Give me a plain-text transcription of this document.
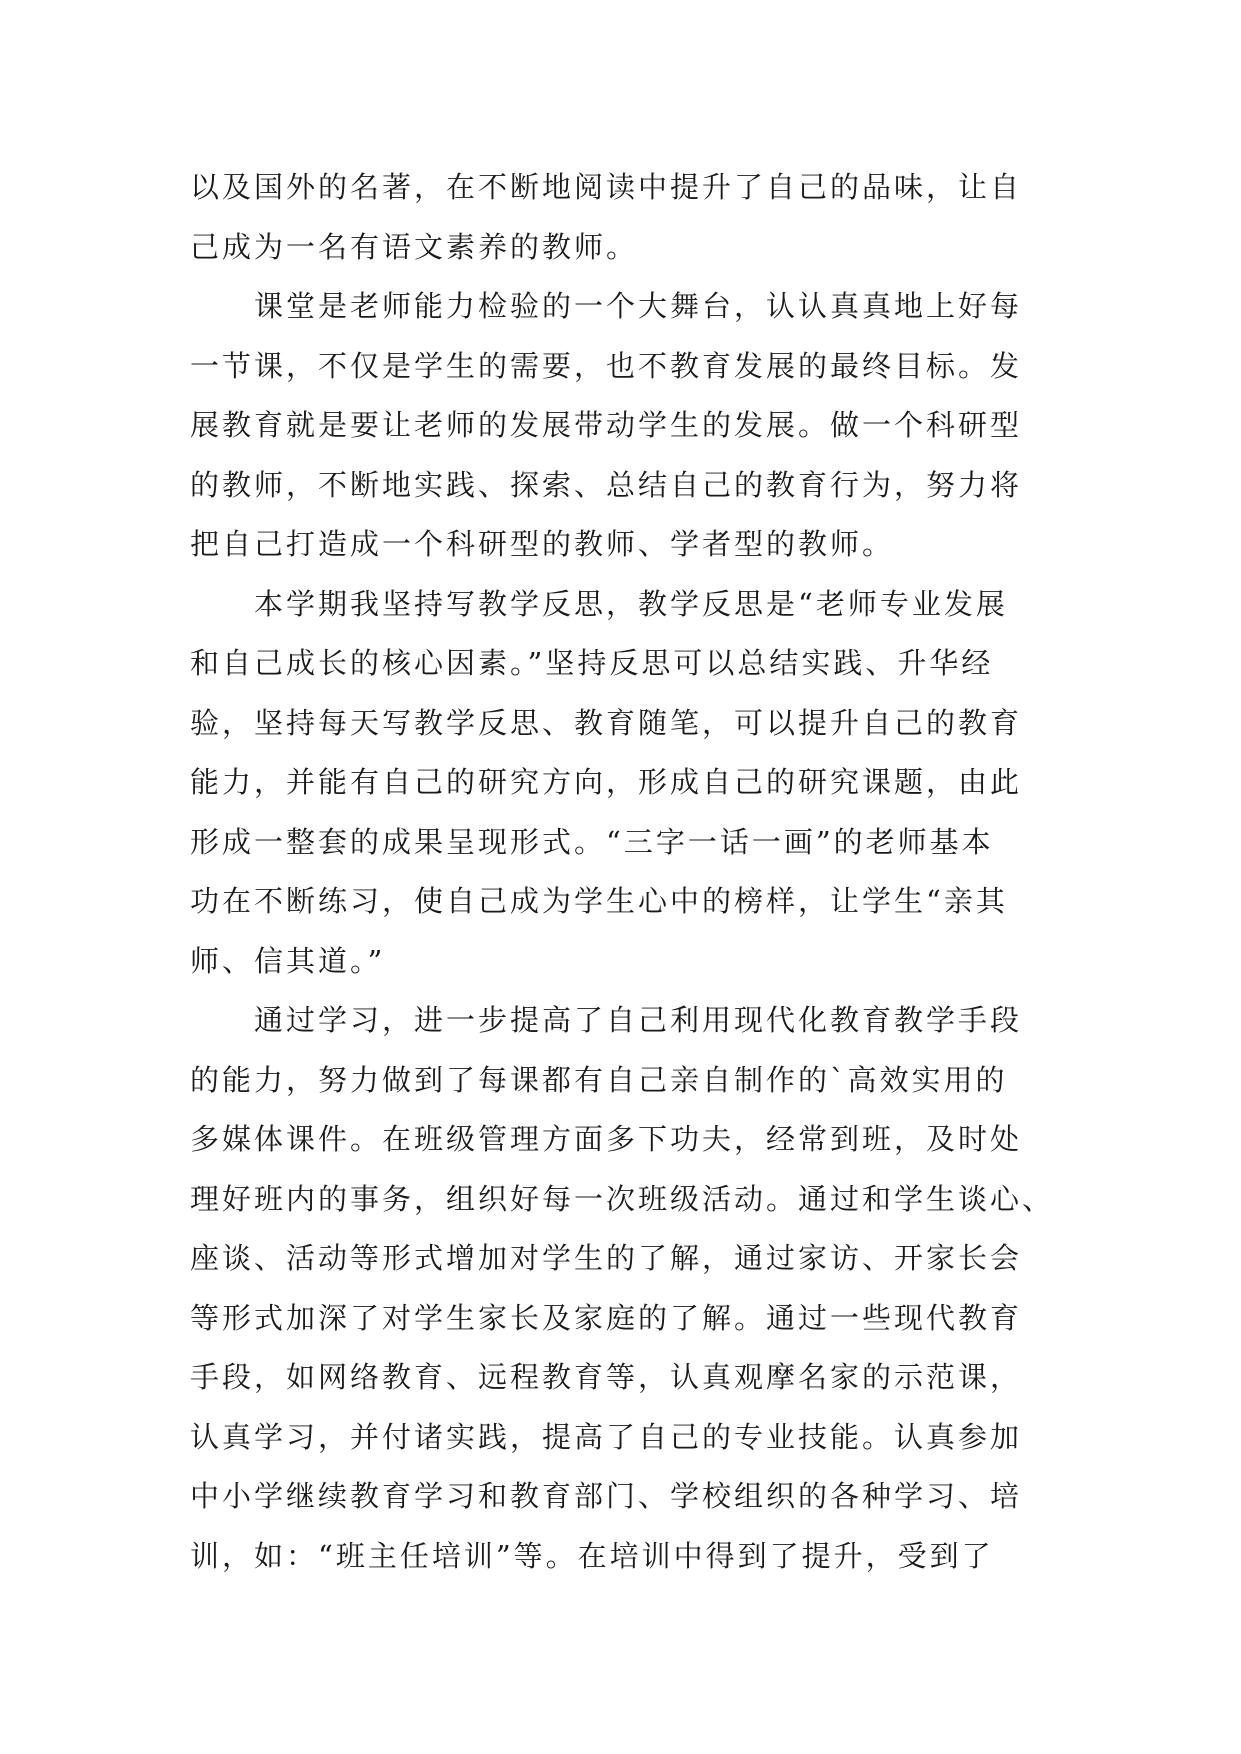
以及国外的名著，在不断地阅读中提升了自己的品味，让自
己成为一名有语文素养的教师。
课堂是老师能力检验的一个大舞台，认认真真地上好每
一节课，不仅是学生的需要，也不教育发展的最终目标。发
展教育就是要让老师的发展带动学生的发展。做一个科研型
的教师，不断地实践、探索、总结自己的教育行为，努力将
把自己打造成一个科研型的教师、学者型的教师。
本学期我坚持写教学反思，教学反思是“老师专业发展
和自己成长的核心因素。”坚持反思可以总结实践、升华经
验，坚持每天写教学反思、教育随笔，可以提升自己的教育
能力，并能有自己的研究方向，形成自己的研究课题，由此
形成一整套的成果呈现形式。“三字一话一画”的老师基本
功在不断练习，使自己成为学生心中的榜样，让学生“亲其
师、信其道。”
通过学习，进一步提高了自己利用现代化教育教学手段
的能力，努力做到了每课都有自己亲自制作的`高效实用的
多媒体课件。在班级管理方面多下功夫，经常到班，及时处
理好班内的事务，组织好每一次班级活动。通过和学生谈心、
座谈、活动等形式增加对学生的了解，通过家访、开家长会
等形式加深了对学生家长及家庭的了解。通过一些现代教育
手段，如网络教育、远程教育等，认真观摩名家的示范课，
认真学习，并付诸实践，提高了自己的专业技能。认真参加
中小学继续教育学习和教育部门、学校组织的各种学习、培
训，如：“班主任培训”等。在培训中得到了提升，受到了
